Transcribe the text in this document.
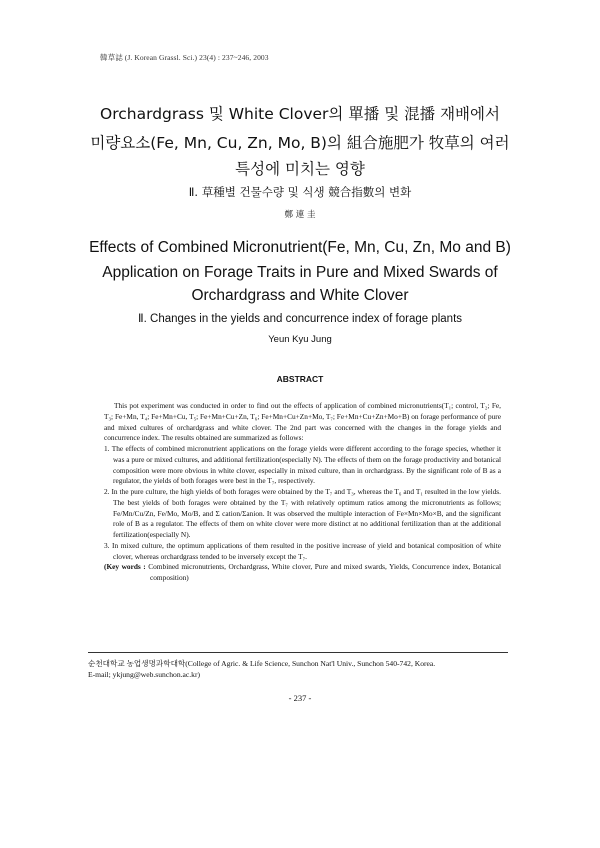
韓草誌 (J. Korean Grassl. Sci.) 23(4) : 237~246, 2003
Orchardgrass 및 White Clover의 單播 및 混播 재배에서
미량요소(Fe, Mn, Cu, Zn, Mo, B)의 組合施肥가 牧草의 여러
특성에 미치는 영향
Ⅱ. 草種별 건물수량 및 식생 競合指數의 변화
鄭 連 圭
Effects of Combined Micronutrient(Fe, Mn, Cu, Zn, Mo and B)
Application on Forage Traits in Pure and Mixed Swards of
Orchardgrass and White Clover
Ⅱ. Changes in the yields and concurrence index of forage plants
Yeun Kyu Jung
ABSTRACT

This pot experiment was conducted in order to find out the effects of application of combined micronutrients(T₁; control, T₂; Fe, T₃; Fe+Mn, T₄; Fe+Mn+Cu, T₅; Fe+Mn+Cu+Zn, T₆; Fe+Mn+Cu+Zn+Mo, T₇; Fe+Mn+Cu+Zn+Mo+B) on forage performance of pure and mixed cultures of orchardgrass and white clover. The 2nd part was concerned with the changes in the forage yields and concurrence index. The results obtained are summarized as follows:

1. The effects of combined micronutrient applications on the forage yields were different according to the forage species, whether it was a pure or mixed cultures, and additional fertilization(especially N). The effects of them on the forage productivity and botanical composition were more obvious in white clover, especially in mixed culture, than in orchardgrass. By the significant role of B as a regulator, the yields of both forages were best in the T₇, respectively.

2. In the pure culture, the high yields of both forages were obtained by the T₇ and T₃, whereas the T₆ and T₁ resulted in the low yields. The best yields of both forages were obtained by the T₇ with relatively optimum ratios among the micronutrients as follows; Fe/Mn/Cu/Zn, Fe/Mo, Mo/B, and Σ cation/Σanion. It was observed the multiple interaction of Fe×Mn×Mo×B, and the significant role of B as a regulator. The effects of them on white clover were more distinct at no additional fertilization than at the additional fertilization(especially N).

3. In mixed culture, the optimum applications of them resulted in the positive increase of yield and botanical composition of white clover, whereas orchardgrass tended to be inversely except the T₇.

(Key words : Combined micronutrients, Orchardgrass, White clover, Pure and mixed swards, Yields, Concurrence index, Botanical composition)

순천대학교 농업생명과학대학(College of Agric. & Life Science, Sunchon Nat'l Univ., Sunchon 540-742, Korea.
E-mail; ykjung@web.sunchon.ac.kr)
- 237 -
